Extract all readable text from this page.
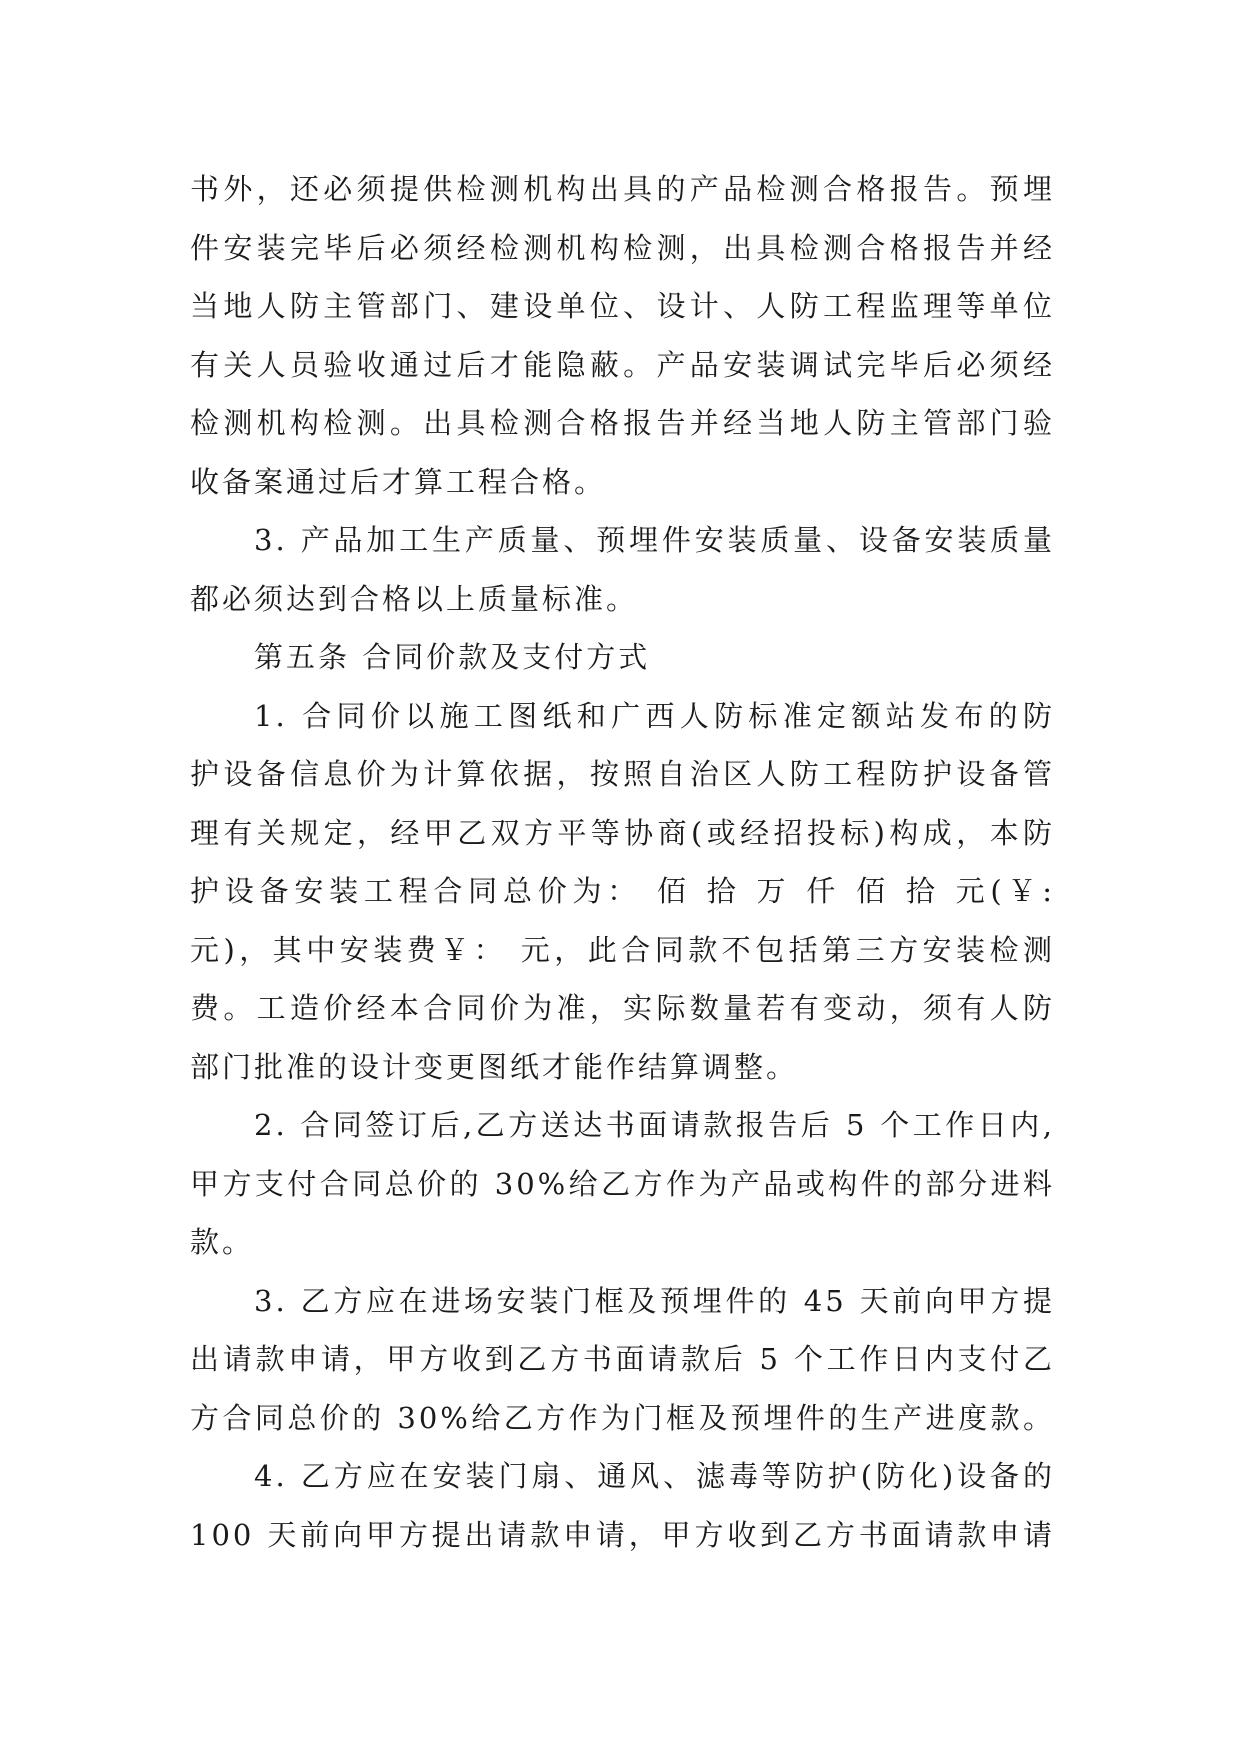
书外，还必须提供检测机构出具的产品检测合格报告。预埋
件安装完毕后必须经检测机构检测，出具检测合格报告并经
当地人防主管部门、建设单位、设计、人防工程监理等单位
有关人员验收通过后才能隐蔽。产品安装调试完毕后必须经
检测机构检测。出具检测合格报告并经当地人防主管部门验
收备案通过后才算工程合格。
3. 产品加工生产质量、预埋件安装质量、设备安装质量
都必须达到合格以上质量标准。
第五条 合同价款及支付方式
1. 合同价以施工图纸和广西人防标准定额站发布的防
护设备信息价为计算依据，按照自治区人防工程防护设备管
理有关规定，经甲乙双方平等协商(或经招投标)构成，本防
护设备安装工程合同总价为： 佰 拾 万 仟 佰 拾 元(￥:
元)，其中安装费￥： 元，此合同款不包括第三方安装检测
费。工造价经本合同价为准，实际数量若有变动，须有人防
部门批准的设计变更图纸才能作结算调整。
2. 合同签订后,乙方送达书面请款报告后 5 个工作日内,
甲方支付合同总价的 30%给乙方作为产品或构件的部分进料
款。
3. 乙方应在进场安装门框及预埋件的 45 天前向甲方提
出请款申请，甲方收到乙方书面请款后 5 个工作日内支付乙
方合同总价的 30%给乙方作为门框及预埋件的生产进度款。
4. 乙方应在安装门扇、通风、滤毒等防护(防化)设备的
100 天前向甲方提出请款申请，甲方收到乙方书面请款申请
